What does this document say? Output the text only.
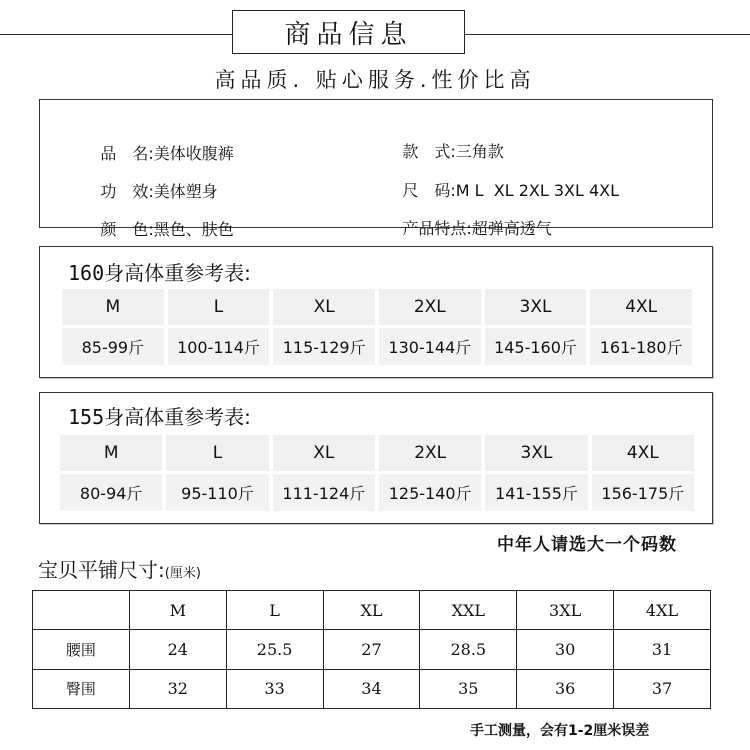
商品信息
高品质. 贴心服务.性价比高

品　名:美体收腹裤
	款　式:三角款

功　效:美体塑身
	尺　码:M L  XL 2XL 3XL 4XL

颜　色:黑色、肤色
	产品特点:超弹高透气

160身高体重参考表:
M	L	XL	2XL	3XL	4XL
85-99斤	100-114斤	115-129斤	130-144斤	145-160斤	161-180斤
155身高体重参考表:
M	L	XL	2XL	3XL	4XL
80-94斤	95-110斤	111-124斤	125-140斤	141-155斤	156-175斤
中年人请选大一个码数
宝贝平铺尺寸:(厘米)
	M	L	XL	XXL	3XL	4XL
腰围	24	25.5	27	28.5	30	31
臀围	32	33	34	35	36	37
手工测量，会有1-2厘米误差
